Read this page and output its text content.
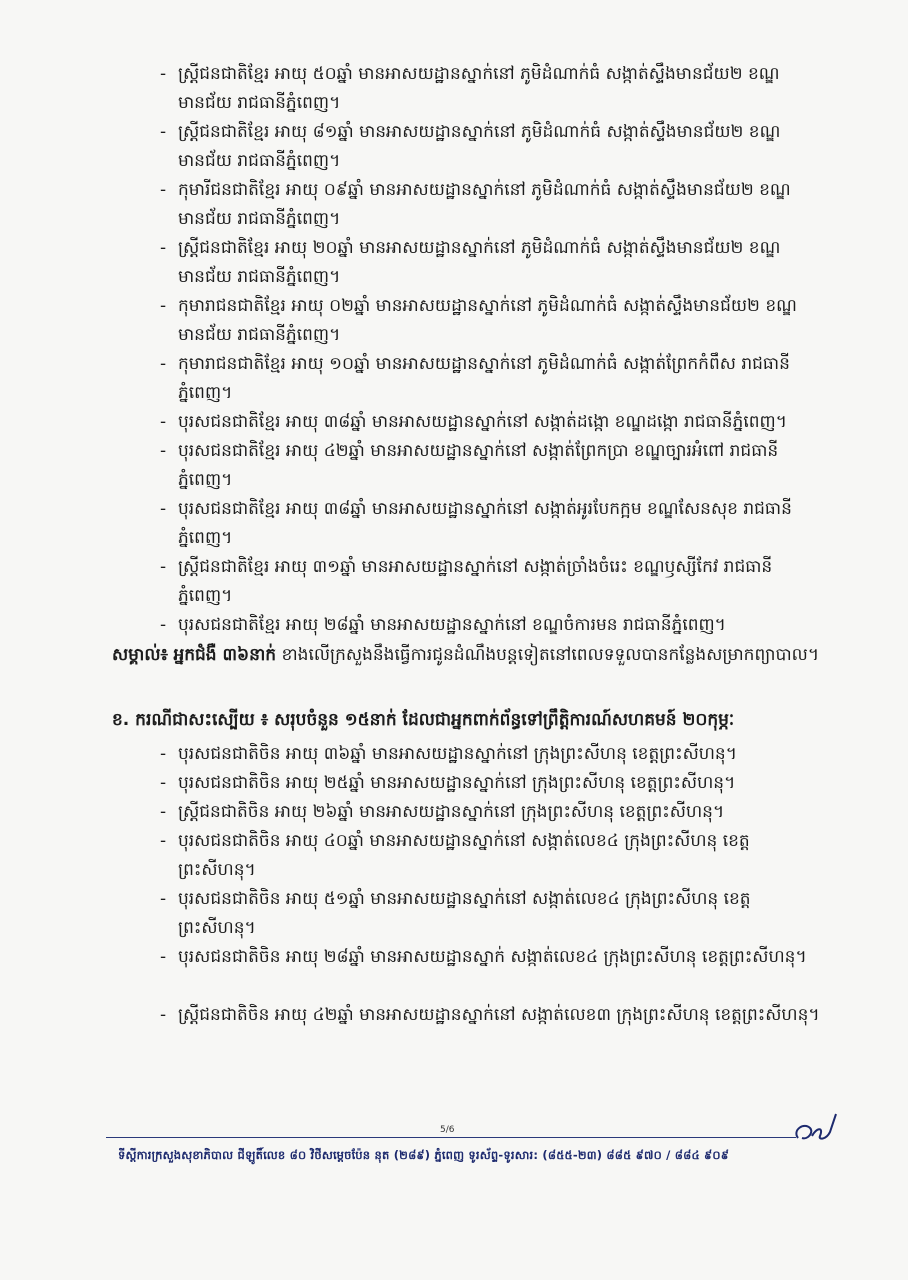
- ស្ត្រីជនជាតិខ្មែរ អាយុ ៥០ឆ្នាំ មានអាសយដ្ឋានស្នាក់នៅ ភូមិដំណាក់ធំ សង្កាត់ស្ទឹងមានជ័យ២ ខណ្ឌមានជ័យ រាជធានីភ្នំពេញ។
- ស្ត្រីជនជាតិខ្មែរ អាយុ ៨១ឆ្នាំ មានអាសយដ្ឋានស្នាក់នៅ ភូមិដំណាក់ធំ សង្កាត់ស្ទឹងមានជ័យ២ ខណ្ឌមានជ័យ រាជធានីភ្នំពេញ។
- កុមារីជនជាតិខ្មែរ អាយុ ០៩ឆ្នាំ មានអាសយដ្ឋានស្នាក់នៅ ភូមិដំណាក់ធំ សង្កាត់ស្ទឹងមានជ័យ២ ខណ្ឌមានជ័យ រាជធានីភ្នំពេញ។
- ស្ត្រីជនជាតិខ្មែរ អាយុ ២០ឆ្នាំ មានអាសយដ្ឋានស្នាក់នៅ ភូមិដំណាក់ធំ សង្កាត់ស្ទឹងមានជ័យ២ ខណ្ឌមានជ័យ រាជធានីភ្នំពេញ។
- កុមារាជនជាតិខ្មែរ អាយុ ០២ឆ្នាំ មានអាសយដ្ឋានស្នាក់នៅ ភូមិដំណាក់ធំ សង្កាត់ស្ទឹងមានជ័យ២ ខណ្ឌមានជ័យ រាជធានីភ្នំពេញ។
- កុមារាជនជាតិខ្មែរ អាយុ ១០ឆ្នាំ មានអាសយដ្ឋានស្នាក់នៅ ភូមិដំណាក់ធំ សង្កាត់ព្រែកកំពឹស រាជធានីភ្នំពេញ។
- បុរសជនជាតិខ្មែរ អាយុ ៣៨ឆ្នាំ មានអាសយដ្ឋានស្នាក់នៅ សង្កាត់ដង្កោ ខណ្ឌដង្កោ រាជធានីភ្នំពេញ។
- បុរសជនជាតិខ្មែរ អាយុ ៤២ឆ្នាំ មានអាសយដ្ឋានស្នាក់នៅ សង្កាត់ព្រែកប្រា ខណ្ឌច្បារអំពៅ រាជធានីភ្នំពេញ។
- បុរសជនជាតិខ្មែរ អាយុ ៣៨ឆ្នាំ មានអាសយដ្ឋានស្នាក់នៅ សង្កាត់អូរបែកក្អម ខណ្ឌសែនសុខ រាជធានីភ្នំពេញ។
- ស្ត្រីជនជាតិខ្មែរ អាយុ ៣១ឆ្នាំ មានអាសយដ្ឋានស្នាក់នៅ សង្កាត់ច្រាំងចំរេះ ខណ្ឌឫស្សីកែវ រាជធានីភ្នំពេញ។
- បុរសជនជាតិខ្មែរ អាយុ ២៨ឆ្នាំ មានអាសយដ្ឋានស្នាក់នៅ ខណ្ឌចំការមន រាជធានីភ្នំពេញ។
សម្គាល់៖ អ្នកជំងឺ ៣៦នាក់ ខាងលើក្រសួងនឹងធ្វើការជូនដំណឹងបន្តទៀតនៅពេលទទួលបានកន្លែងសម្រាកព្យាបាល។
ខ. ករណីជាសះស្បើយ ៖ សរុបចំនួន ១៥នាក់ ដែលជាអ្នកពាក់ព័ន្ធទៅព្រឹត្តិការណ៍សហគមន៍ ២០កុម្ភៈ
- បុរសជនជាតិចិន អាយុ ៣៦ឆ្នាំ មានអាសយដ្ឋានស្នាក់នៅ ក្រុងព្រះសីហនុ ខេត្តព្រះសីហនុ។
- បុរសជនជាតិចិន អាយុ ២៥ឆ្នាំ មានអាសយដ្ឋានស្នាក់នៅ ក្រុងព្រះសីហនុ ខេត្តព្រះសីហនុ។
- ស្ត្រីជនជាតិចិន អាយុ ២៦ឆ្នាំ មានអាសយដ្ឋានស្នាក់នៅ ក្រុងព្រះសីហនុ ខេត្តព្រះសីហនុ។
- បុរសជនជាតិចិន អាយុ ៤០ឆ្នាំ មានអាសយដ្ឋានស្នាក់នៅ សង្កាត់លេខ៤ ក្រុងព្រះសីហនុ ខេត្តព្រះសីហនុ។
- បុរសជនជាតិចិន អាយុ ៥១ឆ្នាំ មានអាសយដ្ឋានស្នាក់នៅ សង្កាត់លេខ៤ ក្រុងព្រះសីហនុ ខេត្តព្រះសីហនុ។
- បុរសជនជាតិចិន អាយុ ២៨ឆ្នាំ មានអាសយដ្ឋានស្នាក់ សង្កាត់លេខ៤ ក្រុងព្រះសីហនុ ខេត្តព្រះសីហនុ។
- ស្ត្រីជនជាតិចិន អាយុ ៤២ឆ្នាំ មានអាសយដ្ឋានស្នាក់នៅ សង្កាត់លេខ៣ ក្រុងព្រះសីហនុ ខេត្តព្រះសីហនុ។
5/6
ទីស្តីការក្រសួងសុខាភិបាល ជីឡូតិ៍លេខ ៨០ វិថីសម្តេចប៉ែន នុត (២៨៩) ភ្នំពេញ ទូរស័ព្ទ-ទូរសារ: (៨៥៥-២៣) ៨៨៥ ៩៧០ / ៨៨៤ ៩០៩
